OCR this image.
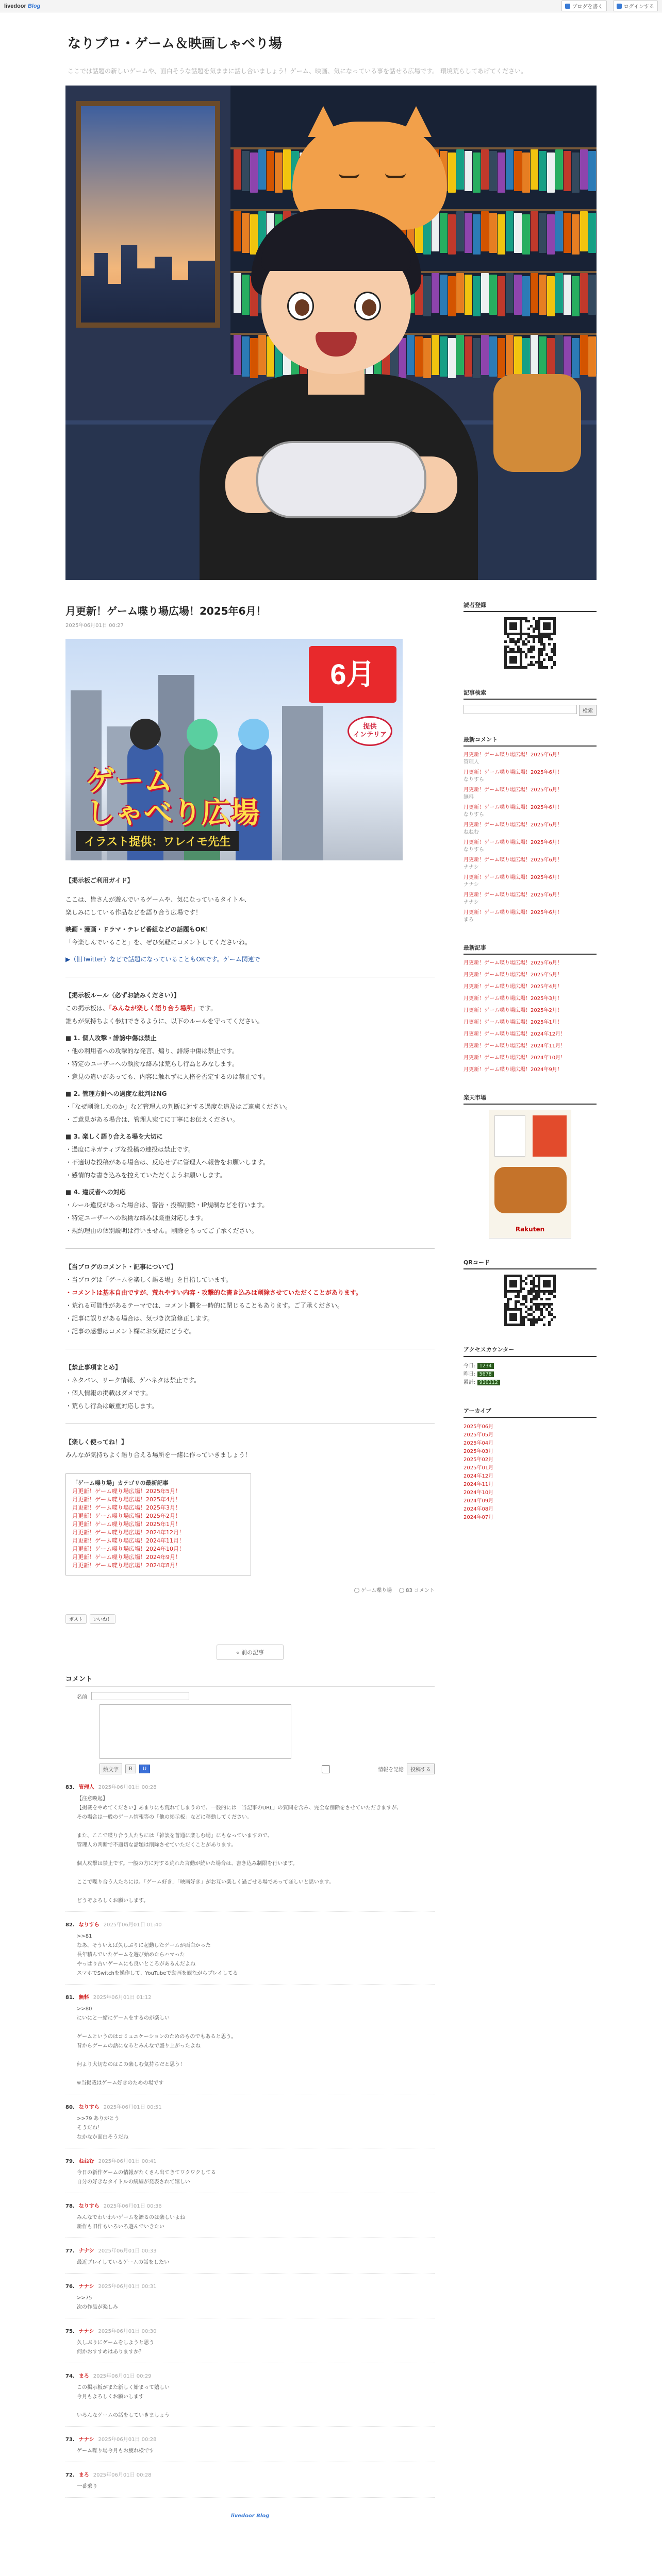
livedoor Blog	ブログを書く	ログインする
なりブロ・ゲーム＆映画しゃべり場
ここでは話題の新しいゲームや、面白そうな話題を気ままに話し合いましょう！ゲーム、映画、気になっている事を話せる広場です。 環境荒らしてあげてください。
月更新！ゲーム喋り場広場！2025年6月！
2025年06月01日 00:27
6月
提供
インテリア
ゲーム
しゃべり広場
イラスト提供：ワレイモ先生

【掲示板ご利用ガイド】

ここは、皆さんが遊んでいるゲームや、気になっているタイトル、

楽しみにしている作品などを語り合う広場です！

映画・漫画・ドラマ・テレビ番組などの話題もOK！

「今楽しんでいること」を、ぜひ気軽にコメントしてくださいね。

▶（旧Twitter）などで話題になっていることもOKです。ゲーム関連で

【掲示板ルール（必ずお読みください）】

この掲示板は、「みんなが楽しく語り合う場所」です。

誰もが気持ちよく参加できるように、以下のルールを守ってください。

■ 1. 個人攻撃・誹謗中傷は禁止

・他の利用者への攻撃的な発言、煽り、誹謗中傷は禁止です。

・特定のユーザーへの執拗な絡みは荒らし行為とみなします。

・意見の違いがあっても、内容に触れずに人格を否定するのは禁止です。

■ 2. 管理方針への過度な批判はNG

・「なぜ削除したのか」など管理人の判断に対する過度な追及はご遠慮ください。

・ご意見がある場合は、管理人宛てに丁寧にお伝えください。

■ 3. 楽しく語り合える場を大切に

・過度にネガティブな投稿の連投は禁止です。

・不適切な投稿がある場合は、反応せずに管理人へ報告をお願いします。

・感情的な書き込みを控えていただくようお願いします。

■ 4. 違反者への対応

・ルール違反があった場合は、警告・投稿削除・IP規制などを行います。

・特定ユーザーへの執拗な絡みは厳重対応します。

・規約理由の個別説明は行いません。削除をもってご了承ください。

【当ブログのコメント・記事について】

・当ブログは「ゲームを楽しく語る場」を目指しています。

・コメントは基本自由ですが、荒れやすい内容・攻撃的な書き込みは削除させていただくことがあります。

・荒れる可能性があるテーマでは、コメント欄を一時的に閉じることもあります。ご了承ください。

・記事に誤りがある場合は、気づき次第修正します。

・記事の感想はコメント欄にお気軽にどうぞ。

【禁止事項まとめ】

・ネタバレ、リーク情報、ゲハネタは禁止です。

・個人情報の掲載はダメです。

・荒らし行為は厳重対応します。

【楽しく使ってね！】

みんなが気持ちよく語り合える場所を一緒に作っていきましょう！

「ゲーム喋り場」カテゴリの最新記事
月更新！ゲーム喋り場広場！2025年5月！
月更新！ゲーム喋り場広場！2025年4月！
月更新！ゲーム喋り場広場！2025年3月！
月更新！ゲーム喋り場広場！2025年2月！
月更新！ゲーム喋り場広場！2025年1月！
月更新！ゲーム喋り場広場！2024年12月！
月更新！ゲーム喋り場広場！2024年11月！
月更新！ゲーム喋り場広場！2024年10月！
月更新！ゲーム喋り場広場！2024年9月！
月更新！ゲーム喋り場広場！2024年8月！
ゲーム喋り場	83 コメント
ポスト	いいね！
« 前の記事
コメント
名前
絵文字	B	U	情報を記憶	投稿する
83. 管理人 2025年06月01日 00:28

【注意喚起】

【掲載をやめてください】あまりにも荒れてしまうので、一般的には「当記事のURL」の質問を含み、完全な削除をさせていただきますが、

その場合は一般のゲーム情報等の「他の掲示板」などに移動してください。

また、ここで喋り合う人たちには「雑談を普通に楽しむ場」にもなっていますので、

管理人の判断で不適切な話題は削除させていただくことがあります。

個人攻撃は禁止です。一般の方に対する荒れた言動が続いた場合は、書き込み制限を行います。

ここで喋り合う人たちには、「ゲーム好き」「映画好き」がお互い楽しく過ごせる場であってほしいと思います。

どうぞよろしくお願いします。

82. なりすら 2025年06月01日 01:40

>>81

なあ、そういえば久しぶりに起動したゲームが面白かった

長年積んでいたゲームを遊び始めたらハマった

やっぱり古いゲームにも良いところがあるんだよね

スマホでSwitchを操作して、YouTubeで動画を観ながらプレイしてる

81. 無料 2025年06月01日 01:12

>>80

にいにと一緒にゲームをするのが楽しい

ゲームというのはコミュニケーションのためのものでもあると思う。

昔からゲームの話になるとみんなで盛り上がったよね

何より大切なのはこの楽しむ気持ちだと思う！

※当掲載はゲーム好きのための場です

80. なりすら 2025年06月01日 00:51

>>79 ありがとう

そうだね！

なかなか面白そうだね

79. ねねむ 2025年06月01日 00:41

今日の新作ゲームの情報がたくさん出てきてワクワクしてる

自分の好きなタイトルの続編が発表されて嬉しい

78. なりすら 2025年06月01日 00:36

みんなでわいわいゲームを語るのは楽しいよね

新作も旧作もいろいろ遊んでいきたい

77. ナナシ 2025年06月01日 00:33

最近プレイしているゲームの話をしたい

76. ナナシ 2025年06月01日 00:31

>>75

次の作品が楽しみ

75. ナナシ 2025年06月01日 00:30

久しぶりにゲームをしようと思う

何かおすすめはありますか？

74. まろ 2025年06月01日 00:29

この掲示板がまた新しく始まって嬉しい

今月もよろしくお願いします

いろんなゲームの話をしていきましょう

73. ナナシ 2025年06月01日 00:28

ゲーム喋り場今月もお疲れ様です

72. まろ 2025年06月01日 00:28

一番乗り

livedoor Blog
読者登録
記事検索
検索
最新コメント
月更新！ゲーム喋り場広場！2025年6月！
管理人
月更新！ゲーム喋り場広場！2025年6月！
なりすら
月更新！ゲーム喋り場広場！2025年6月！
無料
月更新！ゲーム喋り場広場！2025年6月！
なりすら
月更新！ゲーム喋り場広場！2025年6月！
ねねむ
月更新！ゲーム喋り場広場！2025年6月！
なりすら
月更新！ゲーム喋り場広場！2025年6月！
ナナシ
月更新！ゲーム喋り場広場！2025年6月！
ナナシ
月更新！ゲーム喋り場広場！2025年6月！
ナナシ
月更新！ゲーム喋り場広場！2025年6月！
まろ
最新記事
月更新！ゲーム喋り場広場！2025年6月！
月更新！ゲーム喋り場広場！2025年5月！
月更新！ゲーム喋り場広場！2025年4月！
月更新！ゲーム喋り場広場！2025年3月！
月更新！ゲーム喋り場広場！2025年2月！
月更新！ゲーム喋り場広場！2025年1月！
月更新！ゲーム喋り場広場！2024年12月！
月更新！ゲーム喋り場広場！2024年11月！
月更新！ゲーム喋り場広場！2024年10月！
月更新！ゲーム喋り場広場！2024年9月！
楽天市場
Rakuten
QRコード
アクセスカウンター
今日: 1234
昨日: 5678
累計: 910112
アーカイブ
2025年06月
2025年05月
2025年04月
2025年03月
2025年02月
2025年01月
2024年12月
2024年11月
2024年10月
2024年09月
2024年08月
2024年07月
